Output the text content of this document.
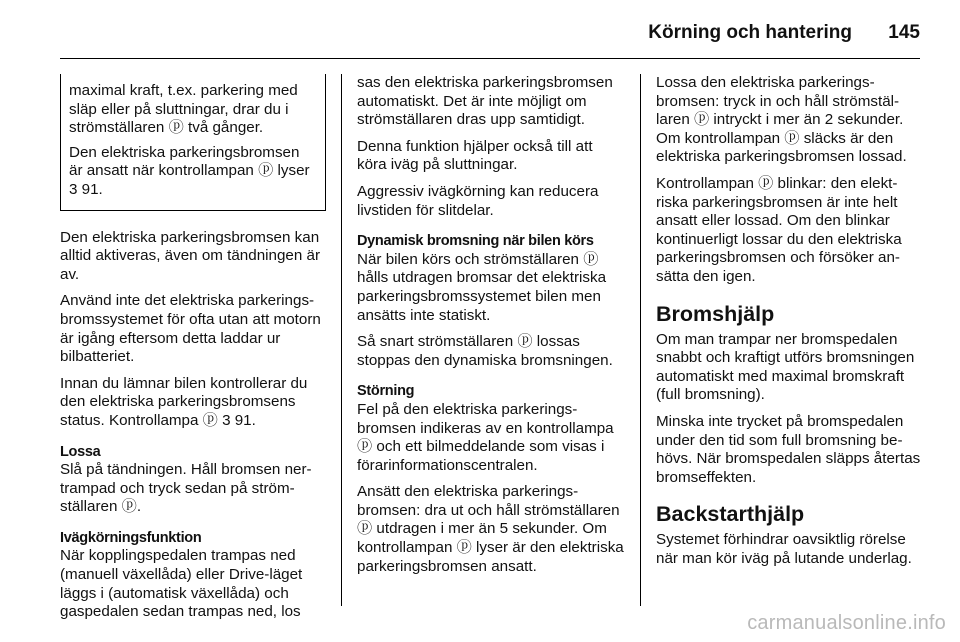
Körning och hantering 145

maximal kraft, t.ex. parkering med släp eller på sluttningar, drar du i strömställaren ⓟ två gånger.

Den elektriska parkeringsbromsen är ansatt när kontrollampan ⓟ lyser 3 91.

Den elektriska parkeringsbromsen kan alltid aktiveras, även om tändningen är av.

Använd inte det elektriska parkeringsbromssystemet för ofta utan att motorn är igång eftersom detta laddar ur bilbatteriet.

Innan du lämnar bilen kontrollerar du den elektriska parkeringsbromsens status. Kontrollampa ⓟ 3 91.

Lossa

Slå på tändningen. Håll bromsen nertrampad och tryck sedan på strömställaren ⓟ.

Ivägkörningsfunktion

När kopplingspedalen trampas ned (manuell växellåda) eller Drive-läget läggs i (automatisk växellåda) och gaspedalen sedan trampas ned, los

sas den elektriska parkeringsbromsen automatiskt. Det är inte möjligt om strömställaren dras upp samtidigt.

Denna funktion hjälper också till att köra iväg på sluttningar.

Aggressiv ivägkörning kan reducera livstiden för slitdelar.

Dynamisk bromsning när bilen körs

När bilen körs och strömställaren ⓟ hålls utdragen bromsar det elektriska parkeringsbromssystemet bilen men ansätts inte statiskt.

Så snart strömställaren ⓟ lossas stoppas den dynamiska bromsningen.

Störning

Fel på den elektriska parkeringsbromsen indikeras av en kontrollampa ⓟ och ett bilmeddelande som visas i förarinformationscentralen.

Ansätt den elektriska parkeringsbromsen: dra ut och håll strömställaren ⓟ utdragen i mer än 5 sekunder. Om kontrollampan ⓟ lyser är den elektriska parkeringsbromsen ansatt.

Lossa den elektriska parkeringsbromsen: tryck in och håll strömställaren ⓟ intryckt i mer än 2 sekunder. Om kontrollampan ⓟ släcks är den elektriska parkeringsbromsen lossad.

Kontrollampan ⓟ blinkar: den elektriska parkeringsbromsen är inte helt ansatt eller lossad. Om den blinkar kontinuerligt lossar du den elektriska parkeringsbromsen och försöker ansätta den igen.

Bromshjälp

Om man trampar ner bromspedalen snabbt och kraftigt utförs bromsningen automatiskt med maximal bromskraft (full bromsning).

Minska inte trycket på bromspedalen under den tid som full bromsning behövs. När bromspedalen släpps återtas bromseffekten.

Backstarthjälp

Systemet förhindrar oavsiktlig rörelse när man kör iväg på lutande underlag.

carmanualsonline.info
